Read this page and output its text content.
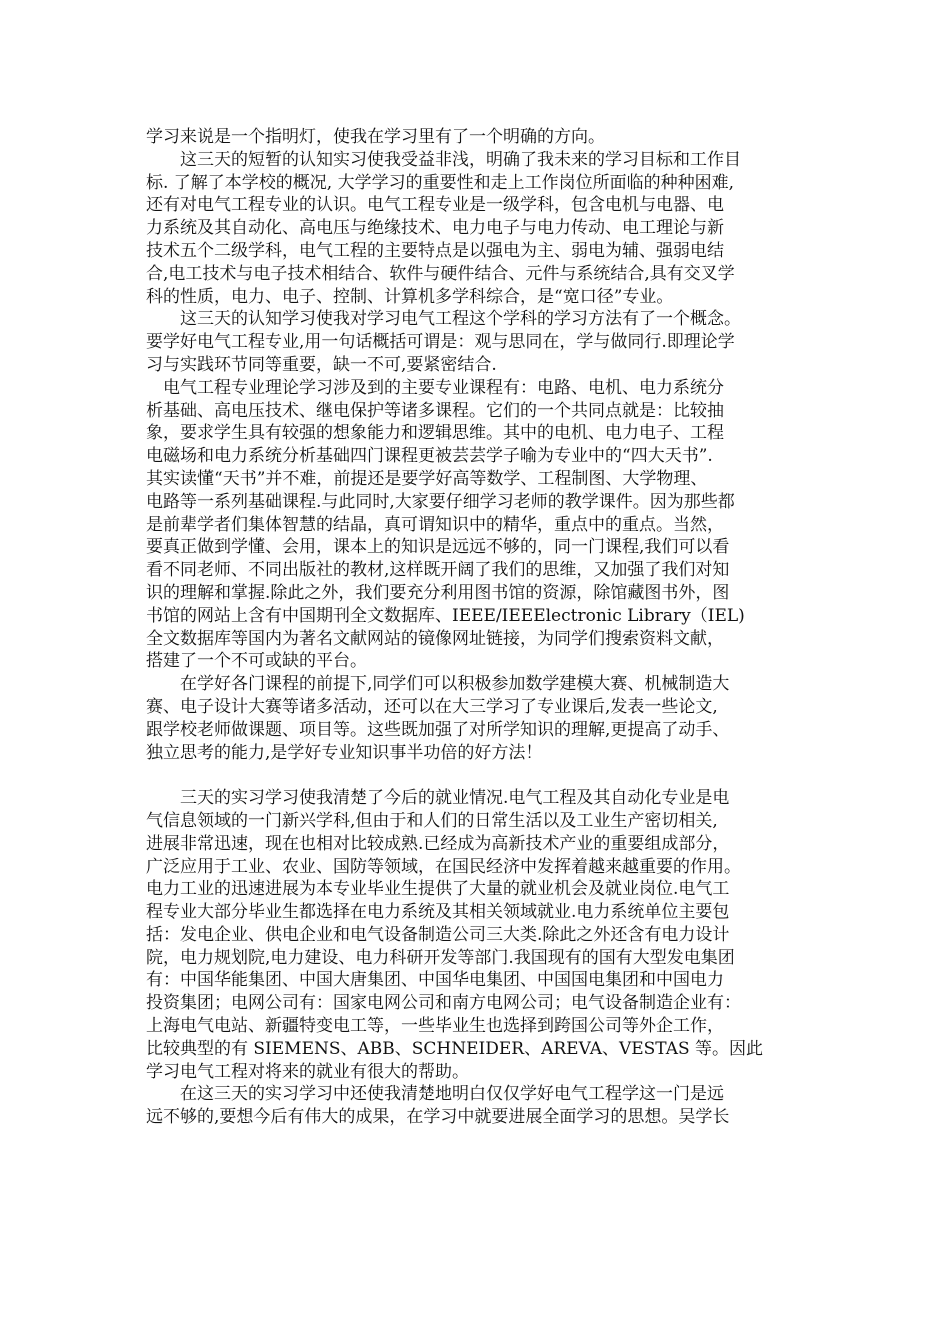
学习来说是一个指明灯，使我在学习里有了一个明确的方向。
　　这三天的短暂的认知实习使我受益非浅，明确了我未来的学习目标和工作目
标. 了解了本学校的概况, 大学学习的重要性和走上工作岗位所面临的种种困难,
还有对电气工程专业的认识。电气工程专业是一级学科，包含电机与电器、电
力系统及其自动化、高电压与绝缘技术、电力电子与电力传动、电工理论与新
技术五个二级学科，电气工程的主要特点是以强电为主、弱电为辅、强弱电结
合,电工技术与电子技术相结合、软件与硬件结合、元件与系统结合,具有交叉学
科的性质，电力、电子、控制、计算机多学科综合，是“宽口径”专业。
　　这三天的认知学习使我对学习电气工程这个学科的学习方法有了一个概念。
要学好电气工程专业,用一句话概括可谓是：观与思同在，学与做同行.即理论学
习与实践环节同等重要，缺一不可,要紧密结合.
　电气工程专业理论学习涉及到的主要专业课程有：电路、电机、电力系统分
析基础、高电压技术、继电保护等诸多课程。它们的一个共同点就是：比较抽
象，要求学生具有较强的想象能力和逻辑思维。其中的电机、电力电子、工程
电磁场和电力系统分析基础四门课程更被芸芸学子喻为专业中的“四大天书”.
其实读懂“天书”并不难，前提还是要学好高等数学、工程制图、大学物理、
电路等一系列基础课程.与此同时,大家要仔细学习老师的教学课件。因为那些都
是前辈学者们集体智慧的结晶，真可谓知识中的精华，重点中的重点。当然，
要真正做到学懂、会用，课本上的知识是远远不够的，同一门课程,我们可以看
看不同老师、不同出版社的教材,这样既开阔了我们的思维，又加强了我们对知
识的理解和掌握.除此之外，我们要充分利用图书馆的资源，除馆藏图书外，图
书馆的网站上含有中国期刊全文数据库、IEEE/IEEElectronic Library（IEL)
全文数据库等国内为著名文献网站的镜像网址链接，为同学们搜索资料文献，
搭建了一个不可或缺的平台。
　　在学好各门课程的前提下,同学们可以积极参加数学建模大赛、机械制造大
赛、电子设计大赛等诸多活动，还可以在大三学习了专业课后,发表一些论文,
跟学校老师做课题、项目等。这些既加强了对所学知识的理解,更提高了动手、
独立思考的能力,是学好专业知识事半功倍的好方法！
　　三天的实习学习使我清楚了今后的就业情况.电气工程及其自动化专业是电
气信息领域的一门新兴学科,但由于和人们的日常生活以及工业生产密切相关,
进展非常迅速，现在也相对比较成熟.已经成为高新技术产业的重要组成部分，
广泛应用于工业、农业、国防等领域，在国民经济中发挥着越来越重要的作用。
电力工业的迅速进展为本专业毕业生提供了大量的就业机会及就业岗位.电气工
程专业大部分毕业生都选择在电力系统及其相关领域就业.电力系统单位主要包
括：发电企业、供电企业和电气设备制造公司三大类.除此之外还含有电力设计
院，电力规划院,电力建设、电力科研开发等部门.我国现有的国有大型发电集团
有：中国华能集团、中国大唐集团、中国华电集团、中国国电集团和中国电力
投资集团；电网公司有：国家电网公司和南方电网公司；电气设备制造企业有：
上海电气电站、新疆特变电工等，一些毕业生也选择到跨国公司等外企工作，
比较典型的有 SIEMENS、ABB、SCHNEIDER、AREVA、VESTAS 等。因此
学习电气工程对将来的就业有很大的帮助。
　　在这三天的实习学习中还使我清楚地明白仅仅学好电气工程学这一门是远
远不够的,要想今后有伟大的成果，在学习中就要进展全面学习的思想。吴学长
